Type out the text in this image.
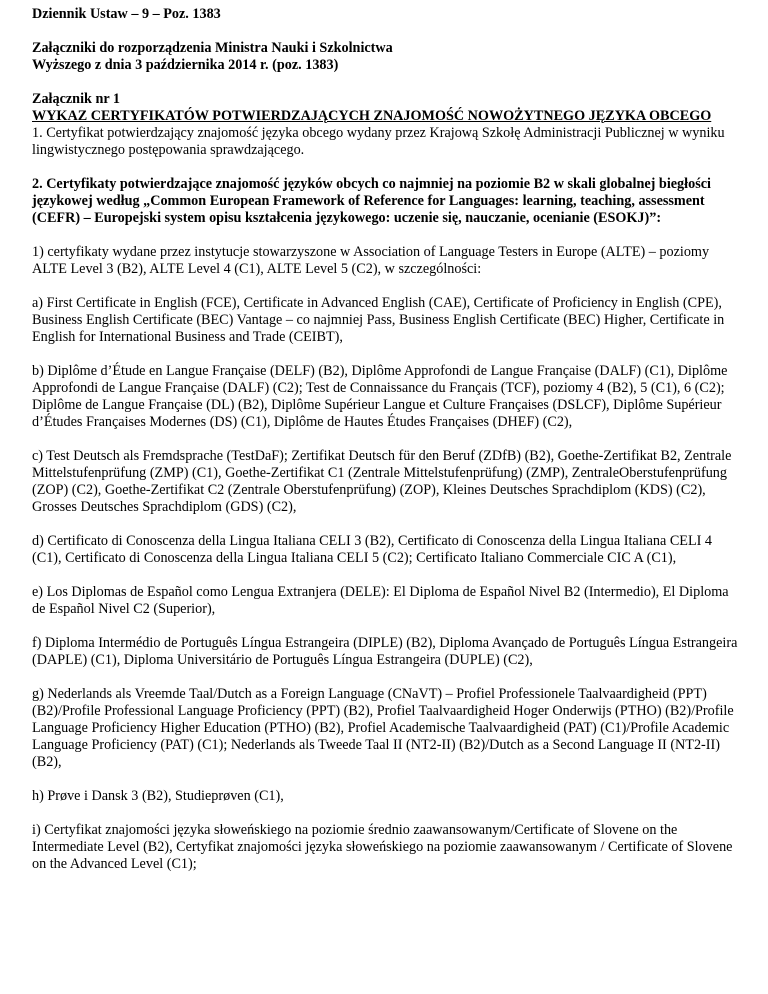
Dziennik Ustaw – 9 – Poz. 1383

Załączniki do rozporządzenia Ministra Nauki i Szkolnictwa

Wyższego z dnia 3 października 2014 r. (poz. 1383)

Załącznik nr 1

WYKAZ CERTYFIKATÓW POTWIERDZAJĄCYCH ZNAJOMOŚĆ NOWOŻYTNEGO JĘZYKA OBCEGO

1. Certyfikat potwierdzający znajomość języka obcego wydany przez Krajową Szkołę Administracji Publicznej w wyniku lingwistycznego postępowania sprawdzającego.

2. Certyfikaty potwierdzające znajomość języków obcych co najmniej na poziomie B2 w skali globalnej biegłości językowej według „Common European Framework of Reference for Languages: learning, teaching, assessment (CEFR) – Europejski system opisu kształcenia językowego: uczenie się, nauczanie, ocenianie (ESOKJ)”:

1) certyfikaty wydane przez instytucje stowarzyszone w Association of Language Testers in Europe (ALTE) – poziomy ALTE Level 3 (B2), ALTE Level 4 (C1), ALTE Level 5 (C2), w szczególności:

a) First Certificate in English (FCE), Certificate in Advanced English (CAE), Certificate of Proficiency in English (CPE), Business English Certificate (BEC) Vantage – co najmniej Pass, Business English Certificate (BEC) Higher, Certificate in English for International Business and Trade (CEIBT),

b) Diplôme d’Étude en Langue Française (DELF) (B2), Diplôme Approfondi de Langue Française (DALF) (C1), Diplôme Approfondi de Langue Française (DALF) (C2); Test de Connaissance du Français (TCF), poziomy 4 (B2), 5 (C1), 6 (C2); Diplôme de Langue Française (DL) (B2), Diplôme Supérieur Langue et Culture Françaises (DSLCF), Diplôme Supérieur d’Études Françaises Modernes (DS) (C1), Diplôme de Hautes Études Françaises (DHEF) (C2),

c) Test Deutsch als Fremdsprache (TestDaF); Zertifikat Deutsch für den Beruf (ZDfB) (B2), Goethe-Zertifikat B2, Zentrale Mittelstufenprüfung (ZMP) (C1), Goethe-Zertifikat C1 (Zentrale Mittelstufenprüfung) (ZMP), ZentraleOberstufenprüfung (ZOP) (C2), Goethe-Zertifikat C2 (Zentrale Oberstufenprüfung) (ZOP), Kleines Deutsches Sprachdiplom (KDS) (C2), Grosses Deutsches Sprachdiplom (GDS) (C2),

d) Certificato di Conoscenza della Lingua Italiana CELI 3 (B2), Certificato di Conoscenza della Lingua Italiana CELI 4 (C1), Certificato di Conoscenza della Lingua Italiana CELI 5 (C2); Certificato Italiano Commerciale CIC A (C1),

e) Los Diplomas de Español como Lengua Extranjera (DELE): El Diploma de Español Nivel B2 (Intermedio), El Diploma de Español Nivel C2 (Superior),

f) Diploma Intermédio de Português Língua Estrangeira (DIPLE) (B2), Diploma Avançado de Português Língua Estrangeira (DAPLE) (C1), Diploma Universitário de Português Língua Estrangeira (DUPLE) (C2),

g) Nederlands als Vreemde Taal/Dutch as a Foreign Language (CNaVT) – Profiel Professionele Taalvaardigheid (PPT) (B2)/Profile Professional Language Proficiency (PPT) (B2), Profiel Taalvaardigheid Hoger Onderwijs (PTHO) (B2)/Profile Language Proficiency Higher Education (PTHO) (B2), Profiel Academische Taalvaardigheid (PAT) (C1)/Profile Academic Language Proficiency (PAT) (C1); Nederlands als Tweede Taal II (NT2-II) (B2)/Dutch as a Second Language II (NT2-II) (B2),

h) Prøve i Dansk 3 (B2), Studieprøven (C1),

i) Certyfikat znajomości języka słoweńskiego na poziomie średnio zaawansowanym/Certificate of Slovene on the Intermediate Level (B2), Certyfikat znajomości języka słoweńskiego na poziomie zaawansowanym / Certificate of Slovene on the Advanced Level (C1);
